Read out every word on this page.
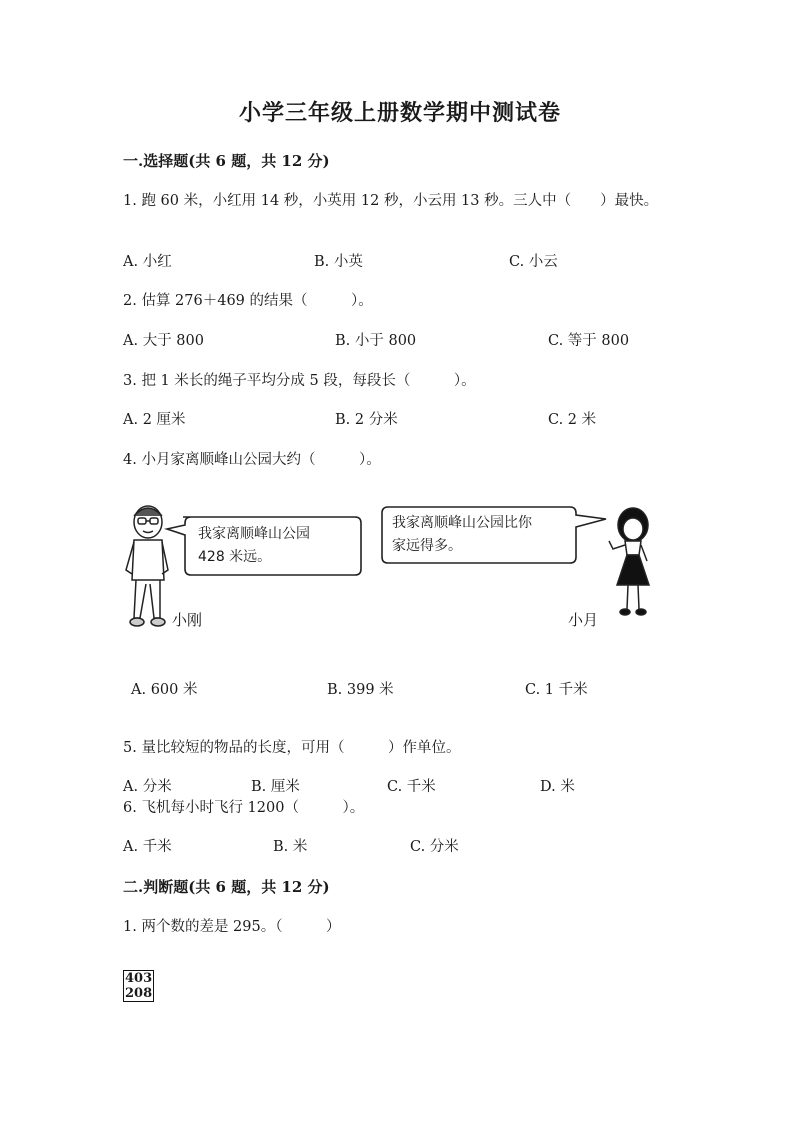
小学三年级上册数学期中测试卷
一.选择题(共 6 题，共 12 分)
1. 跑 60 米，小红用 14 秒，小英用 12 秒，小云用 13 秒。三人中（　　）最快。
A. 小红	B. 小英	C. 小云
2. 估算 276＋469 的结果（　　　）。
A. 大于 800	B. 小于 800	C. 等于 800
3. 把 1 米长的绳子平均分成 5 段，每段长（　　　）。
A. 2 厘米	B. 2 分米	C. 2 米
4. 小月家离顺峰山公园大约（　　　）。
我家离顺峰山公园
428 米远。
我家离顺峰山公园比你
家远得多。
小刚	小月
A. 600 米	B. 399 米	C. 1 千米
5. 量比较短的物品的长度，可用（　　　）作单位。
A. 分米	B. 厘米	C. 千米	D. 米
6. 飞机每小时飞行 1200（　　　）。
A. 千米	B. 米	C. 分米
二.判断题(共 6 题，共 12 分)
1. 两个数的差是 295。（　　　）
403
208
